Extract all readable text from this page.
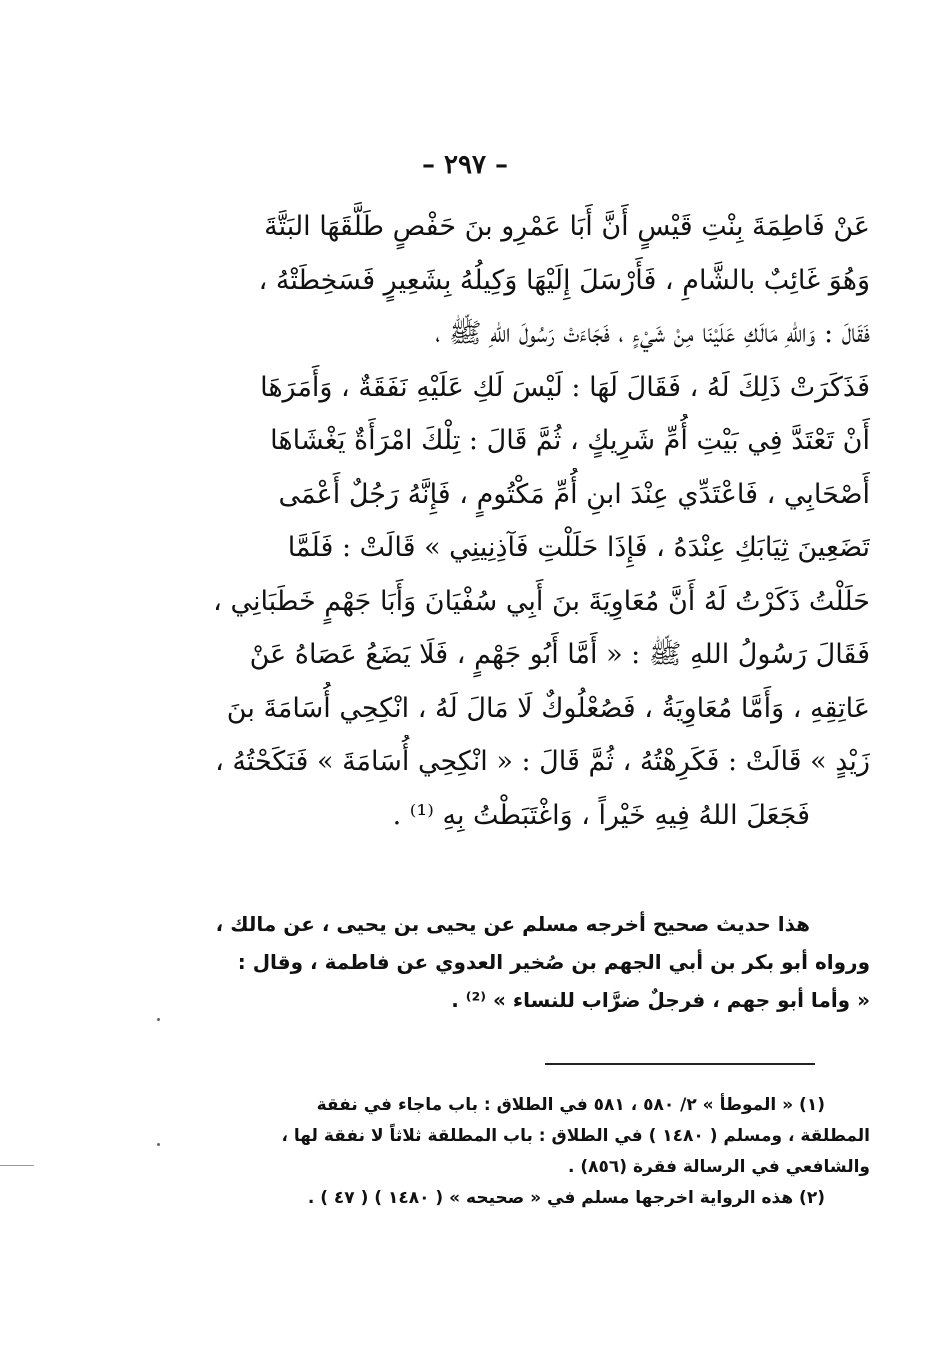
– ٢٩٧ –
عَنْ فَاطِمَةَ بِنْتِ قَيْسٍ أَنَّ أَبَا عَمْرِو بنَ حَفْصٍ طَلَّقَهَا البَتَّةَ
وَهُوَ غَائِبٌ بالشَّامِ ، فَأَرْسَلَ إِلَيْهَا وَكِيلُهُ بِشَعِيرٍ فَسَخِطَتْهُ ،
فَقَالَ : وَاللهِ مَالَكِ عَلَيْنَا مِنْ شَيْءٍ ، فَجَاءَتْ رَسُولَ اللهِ ﷺ ،
فَذَكَرَتْ ذَلِكَ لَهُ ، فَقَالَ لَهَا : لَيْسَ لَكِ عَلَيْهِ نَفَقَةٌ ، وَأَمَرَهَا
أَنْ تَعْتَدَّ فِي بَيْتِ أُمِّ شَرِيكٍ ، ثُمَّ قَالَ : تِلْكَ امْرَأَةٌ يَغْشَاهَا
أَصْحَابِي ، فَاعْتَدِّي عِنْدَ ابنِ أُمِّ مَكْتُومٍ ، فَإِنَّهُ رَجُلٌ أَعْمَى
تَضَعِينَ ثِيَابَكِ عِنْدَهُ ، فَإِذَا حَلَلْتِ فَآذِنِينِي » قَالَتْ : فَلَمَّا
حَلَلْتُ ذَكَرْتُ لَهُ أَنَّ مُعَاوِيَةَ بنَ أَبِي سُفْيَانَ وَأَبَا جَهْمٍ خَطَبَانِي ،
فَقَالَ رَسُولُ اللهِ ﷺ : « أَمَّا أَبُو جَهْمٍ ، فَلَا يَضَعُ عَصَاهُ عَنْ
عَاتِقِهِ ، وَأَمَّا مُعَاوِيَةُ ، فَصُعْلُوكٌ لَا مَالَ لَهُ ، انْكِحِي أُسَامَةَ بنَ
زَيْدٍ » قَالَتْ : فَكَرِهْتُهُ ، ثُمَّ قَالَ : « انْكِحِي أُسَامَةَ » فَنَكَحْتُهُ ،
فَجَعَلَ اللهُ فِيهِ خَيْراً ، وَاغْتَبَطْتُ بِهِ ⁽¹⁾ .
هذا حديث صحيح أخرجه مسلم عن يحيى بن يحيى ، عن مالك ،
ورواه أبو بكر بن أبي الجهم بن صُخير العدوي عن فاطمة ، وقال :
« وأما أبو جهم ، فرجلٌ ضرَّاب للنساء » ⁽²⁾ .
(١) « الموطأ » ٢/ ٥٨٠ ، ٥٨١ في الطلاق : باب ماجاء في نفقة
المطلقة ، ومسلم ( ١٤٨٠ ) في الطلاق : باب المطلقة ثلاثاً لا نفقة لها ،
والشافعي في الرسالة فقرة (٨٥٦) .
(٢) هذه الرواية اخرجها مسلم في « صحيحه » ( ١٤٨٠ ) ( ٤٧ ) .
